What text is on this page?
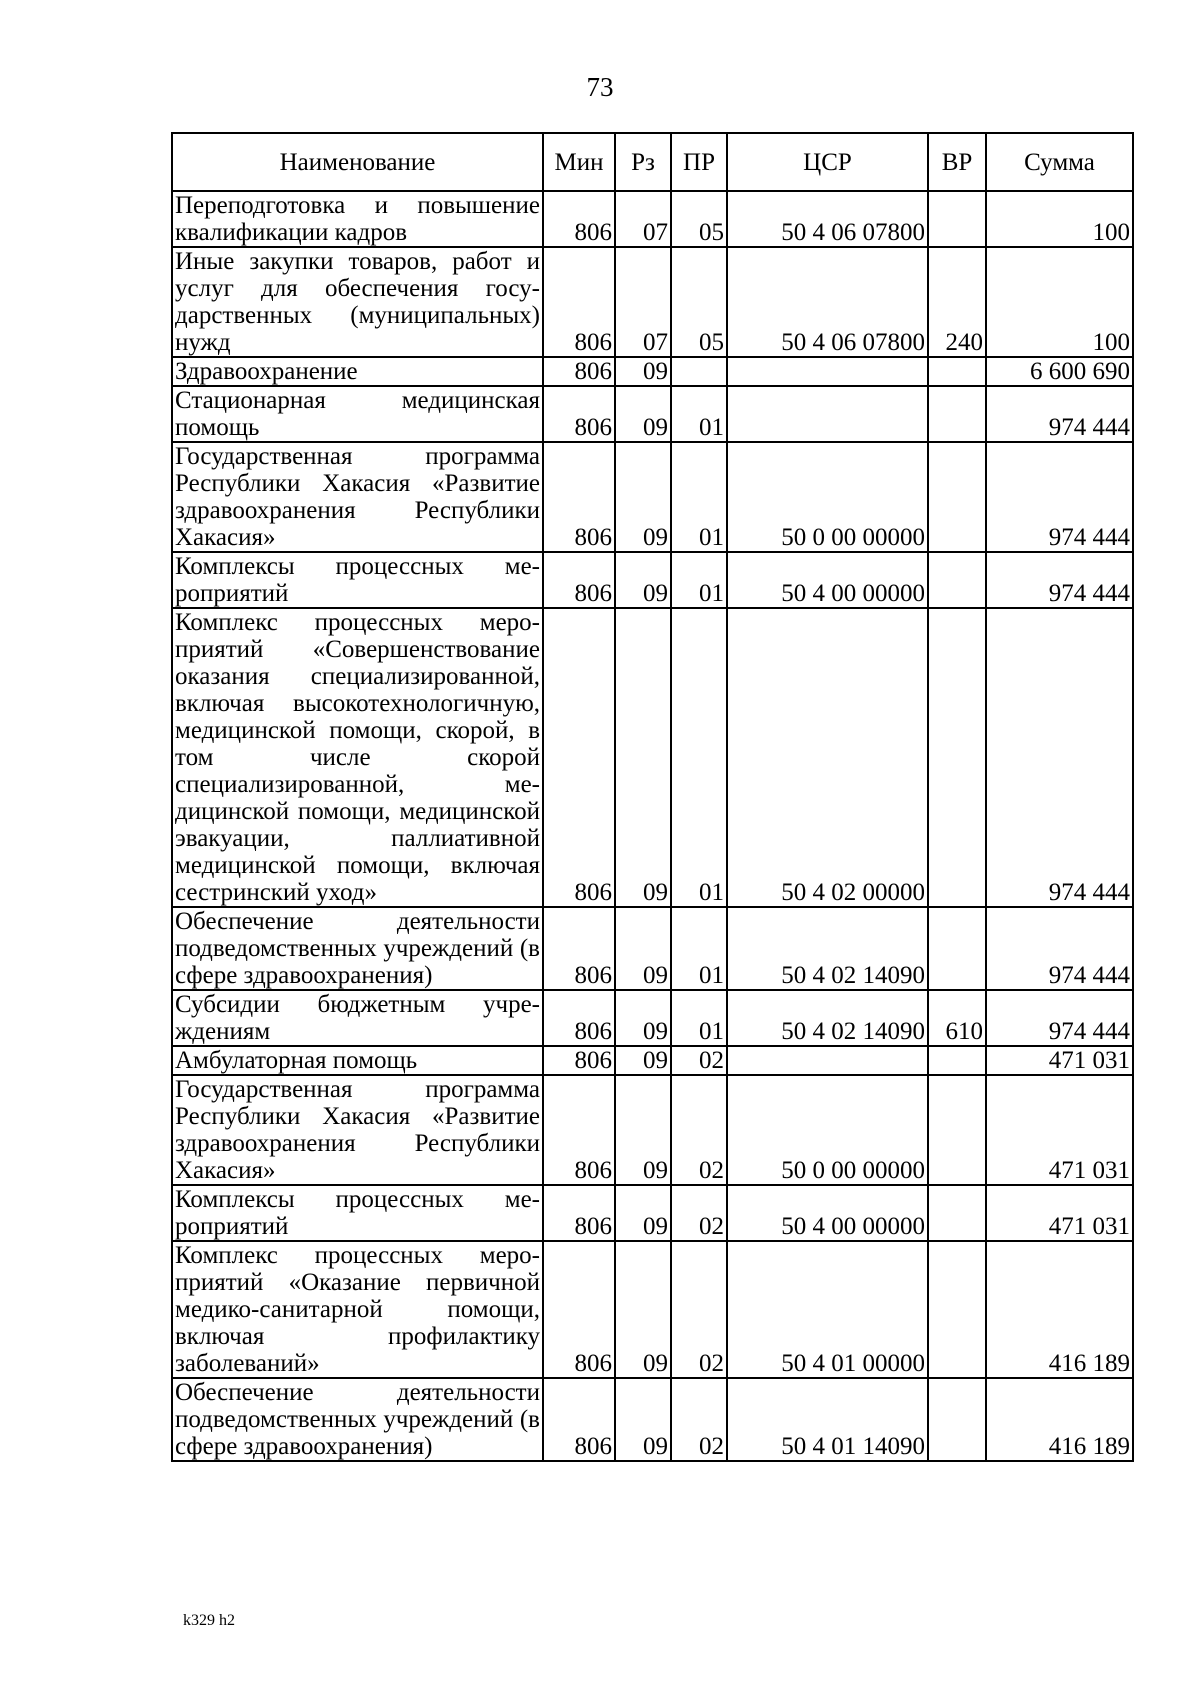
73
Наименование	Мин	Рз	ПР	ЦСР	ВР	Сумма
Переподготовка и повышение квалификации кадров	806	07	05	50 4 06 07800		100
Иные закупки товаров, работ и услуг для обеспечения государственных (муниципальных) нужд	806	07	05	50 4 06 07800	240	100
Здравоохранение	806	09				6 600 690
Стационарная медицинская помощь	806	09	01			974 444
Государственная программа Республики Хакасия «Развитие здравоохранения Республики Хакасия»	806	09	01	50 0 00 00000		974 444
Комплексы процессных мероприятий	806	09	01	50 4 00 00000		974 444
Комплекс процессных мероприятий «Совершенствование оказания специализированной, включая высокотехнологичную, медицинской помощи, скорой, в том числе скорой специализированной, медицинской помощи, медицинской эвакуации, паллиативной медицинской помощи, включая сестринский уход»	806	09	01	50 4 02 00000		974 444
Обеспечение деятельности подведомственных учреждений (в сфере здравоохранения)	806	09	01	50 4 02 14090		974 444
Субсидии бюджетным учреждениям	806	09	01	50 4 02 14090	610	974 444
Амбулаторная помощь	806	09	02			471 031
Государственная программа Республики Хакасия «Развитие здравоохранения Республики Хакасия»	806	09	02	50 0 00 00000		471 031
Комплексы процессных мероприятий	806	09	02	50 4 00 00000		471 031
Комплекс процессных мероприятий «Оказание первичной медико-санитарной помощи, включая профилактику заболеваний»	806	09	02	50 4 01 00000		416 189
Обеспечение деятельности подведомственных учреждений (в сфере здравоохранения)	806	09	02	50 4 01 14090		416 189
k329 h2
